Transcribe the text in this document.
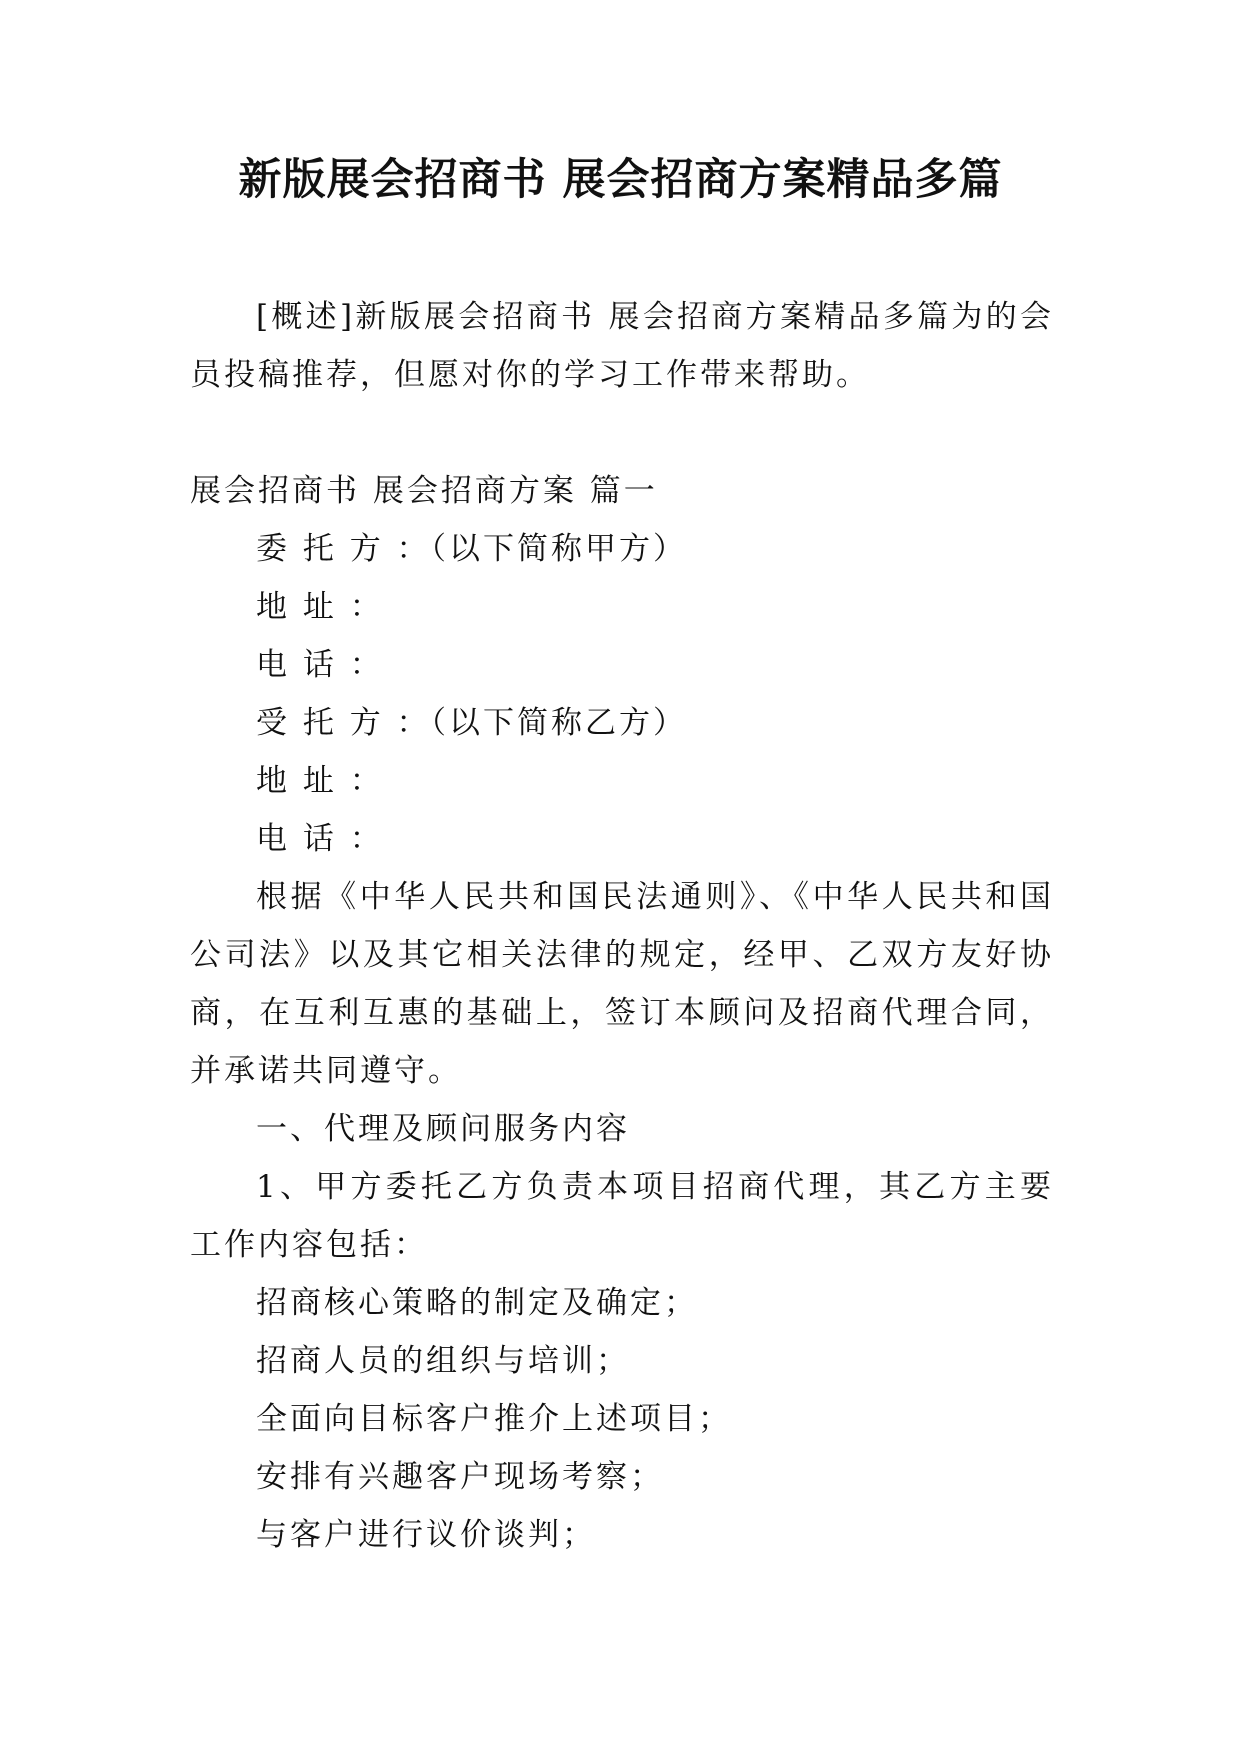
新版展会招商书 展会招商方案精品多篇

[概述]新版展会招商书 展会招商方案精品多篇为的会员投稿推荐，但愿对你的学习工作带来帮助。

展会招商书 展会招商方案 篇一

委 托 方 ：（以下简称甲方）

地 址 ：

电 话 ：

受 托 方 ：（以下简称乙方）

地 址 ：

电 话 ：

根据《中华人民共和国民法通则》、《中华人民共和国公司法》以及其它相关法律的规定，经甲、乙双方友好协商，在互利互惠的基础上，签订本顾问及招商代理合同，并承诺共同遵守。

一、代理及顾问服务内容

1、甲方委托乙方负责本项目招商代理，其乙方主要工作内容包括：

招商核心策略的制定及确定；

招商人员的组织与培训；

全面向目标客户推介上述项目；

安排有兴趣客户现场考察；

与客户进行议价谈判；
